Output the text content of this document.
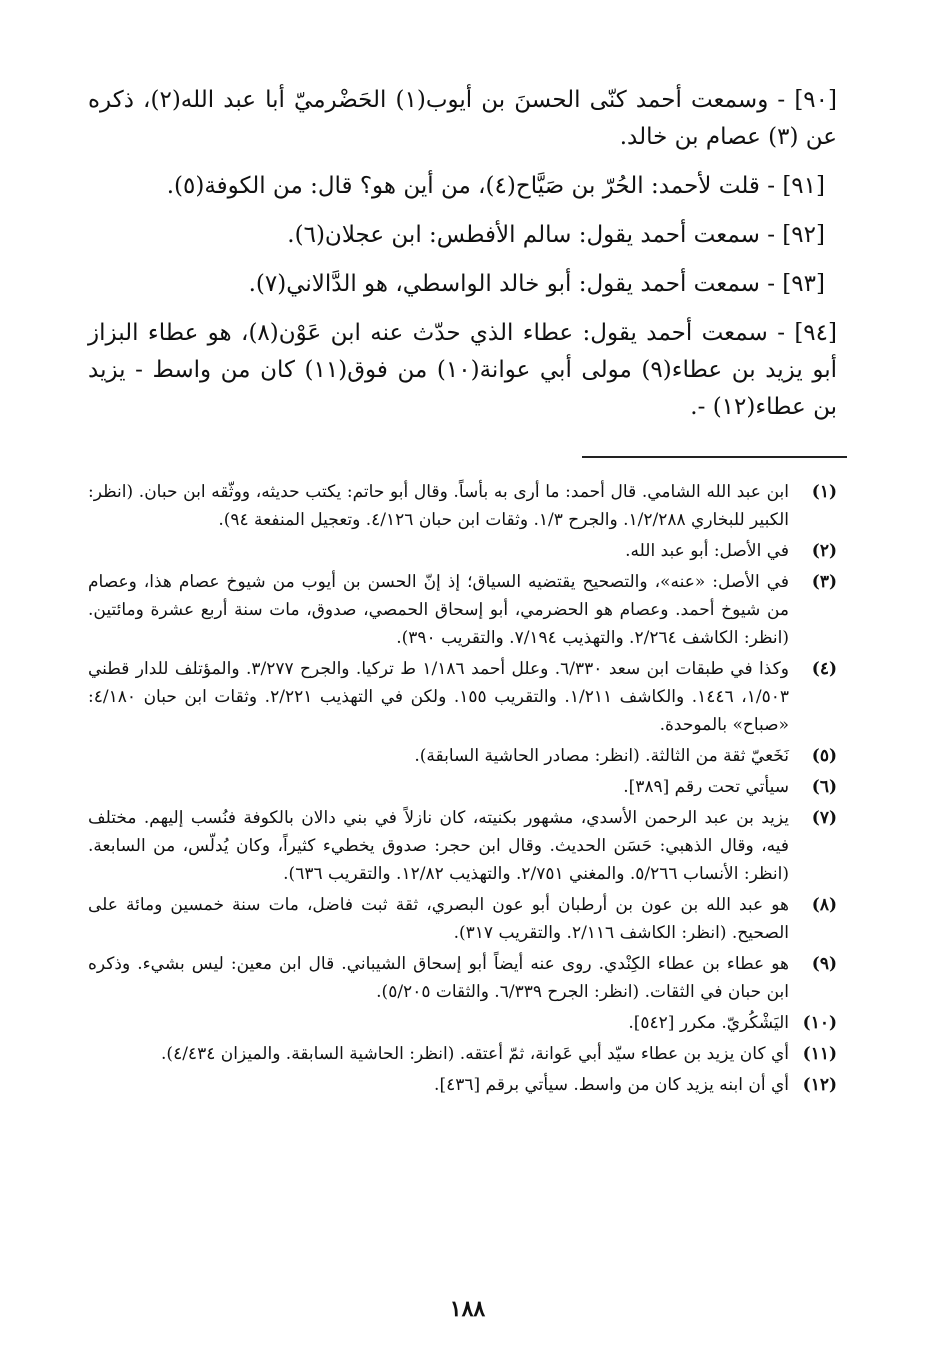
[٩٠] - وسمعت أحمد كنّى الحسنَ بن أيوب(١) الحَضْرميّ أبا عبد الله(٢)، ذكره عن (٣) عصام بن خالد.

[٩١] - قلت لأحمد: الحُرّ بن صَيَّاح(٤)، من أين هو؟ قال: من الكوفة(٥).

[٩٢] - سمعت أحمد يقول: سالم الأفطس: ابن عجلان(٦).

[٩٣] - سمعت أحمد يقول: أبو خالد الواسطي، هو الدَّالاني(٧).

[٩٤] - سمعت أحمد يقول: عطاء الذي حدّث عنه ابن عَوْن(٨)، هو عطاء البزاز أبو يزيد بن عطاء(٩) مولى أبي عوانة(١٠) من فوق(١١) كان من واسط - يزيد بن عطاء(١٢) -.

(١)
ابن عبد الله الشامي. قال أحمد: ما أرى به بأساً. وقال أبو حاتم: يكتب حديثه، ووثّقه ابن حبان. (انظر: الكبير للبخاري ١/٢/٢٨٨. والجرح ١/٣. وثقات ابن حبان ٤/١٢٦. وتعجيل المنفعة ٩٤).
(٢)
في الأصل: أبو عبد الله.
(٣)
في الأصل: «عنه»، والتصحيح يقتضيه السياق؛ إذ إنّ الحسن بن أيوب من شيوخ عصام هذا، وعصام من شيوخ أحمد. وعصام هو الحضرمي، أبو إسحاق الحمصي، صدوق، مات سنة أربع عشرة ومائتين. (انظر: الكاشف ٢/٢٦٤. والتهذيب ٧/١٩٤. والتقريب ٣٩٠).
(٤)
وكذا في طبقات ابن سعد ٦/٣٣٠. وعلل أحمد ١/١٨٦ ط تركيا. والجرح ٣/٢٧٧. والمؤتلف للدار قطني ١/٥٠٣، ١٤٤٦. والكاشف ١/٢١١. والتقريب ١٥٥. ولكن في التهذيب ٢/٢٢١. وثقات ابن حبان ٤/١٨٠: «صباح» بالموحدة.
(٥)
نَخَعيّ ثقة من الثالثة. (انظر: مصادر الحاشية السابقة).
(٦)
سيأتي تحت رقم [٣٨٩].
(٧)
يزيد بن عبد الرحمن الأسدي، مشهور بكنيته، كان نازلاً في بني دالان بالكوفة فنُسب إليهم. مختلف فيه، وقال الذهبي: حَسَن الحديث. وقال ابن حجر: صدوق يخطيء كثيراً، وكان يُدلّس، من السابعة. (انظر: الأنساب ٥/٢٦٦. والمغني ٢/٧٥١. والتهذيب ١٢/٨٢. والتقريب ٦٣٦).
(٨)
هو عبد الله بن عون بن أرطبان أبو عون البصري، ثقة ثبت فاضل، مات سنة خمسين ومائة على الصحيح. (انظر: الكاشف ٢/١١٦. والتقريب ٣١٧).
(٩)
هو عطاء بن عطاء الكِنْدي. روى عنه أيضاً أبو إسحاق الشيباني. قال ابن معين: ليس بشيء. وذكره ابن حبان في الثقات. (انظر: الجرح ٦/٣٣٩. والثقات ٥/٢٠٥).
(١٠)
اليَشْكُريّ. مكرر [٥٤٢].
(١١)
أي كان يزيد بن عطاء سيّد أبي عَوانة، ثمّ أعتقه. (انظر: الحاشية السابقة. والميزان ٤/٤٣٤).
(١٢)
أي أن ابنه يزيد كان من واسط. سيأتي برقم [٤٣٦].
١٨٨
